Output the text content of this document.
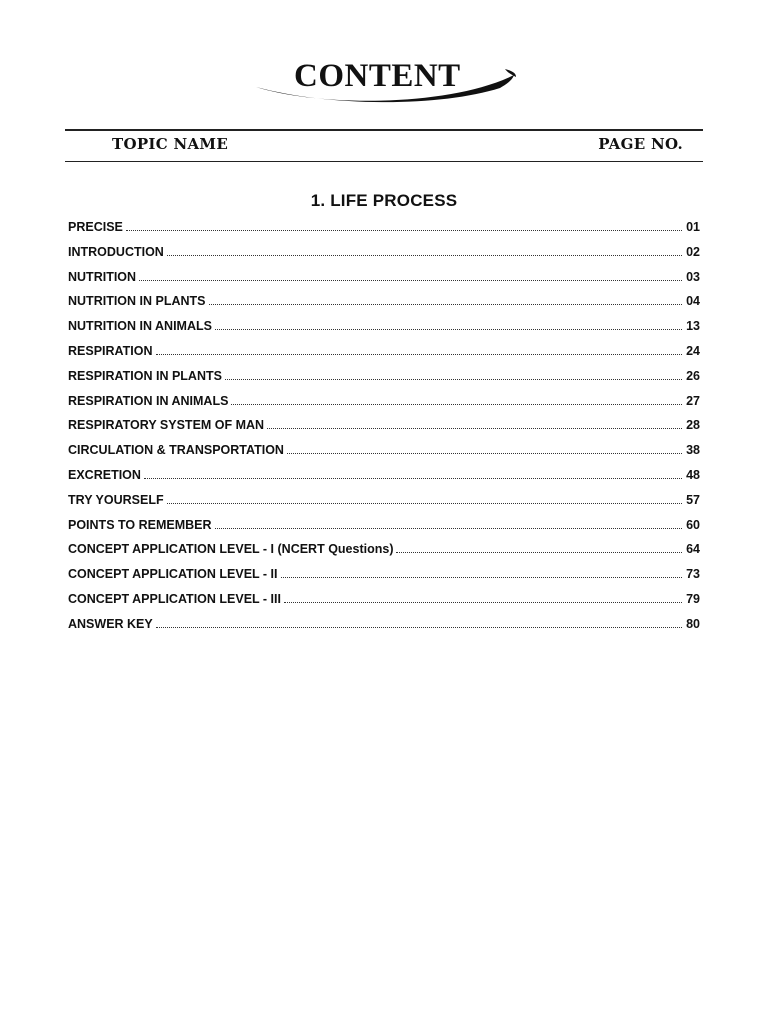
CONTENT
TOPIC NAME	PAGE NO.
1. LIFE PROCESS
PRECISE	01
INTRODUCTION	02
NUTRITION	03
NUTRITION IN PLANTS	04
NUTRITION IN ANIMALS	13
RESPIRATION	24
RESPIRATION IN PLANTS	26
RESPIRATION IN ANIMALS	27
RESPIRATORY SYSTEM OF MAN	28
CIRCULATION & TRANSPORTATION	38
EXCRETION	48
TRY YOURSELF	57
POINTS TO REMEMBER	60
CONCEPT APPLICATION LEVEL - I (NCERT Questions)	64
CONCEPT APPLICATION LEVEL - II	73
CONCEPT APPLICATION LEVEL - III	79
ANSWER KEY	80
